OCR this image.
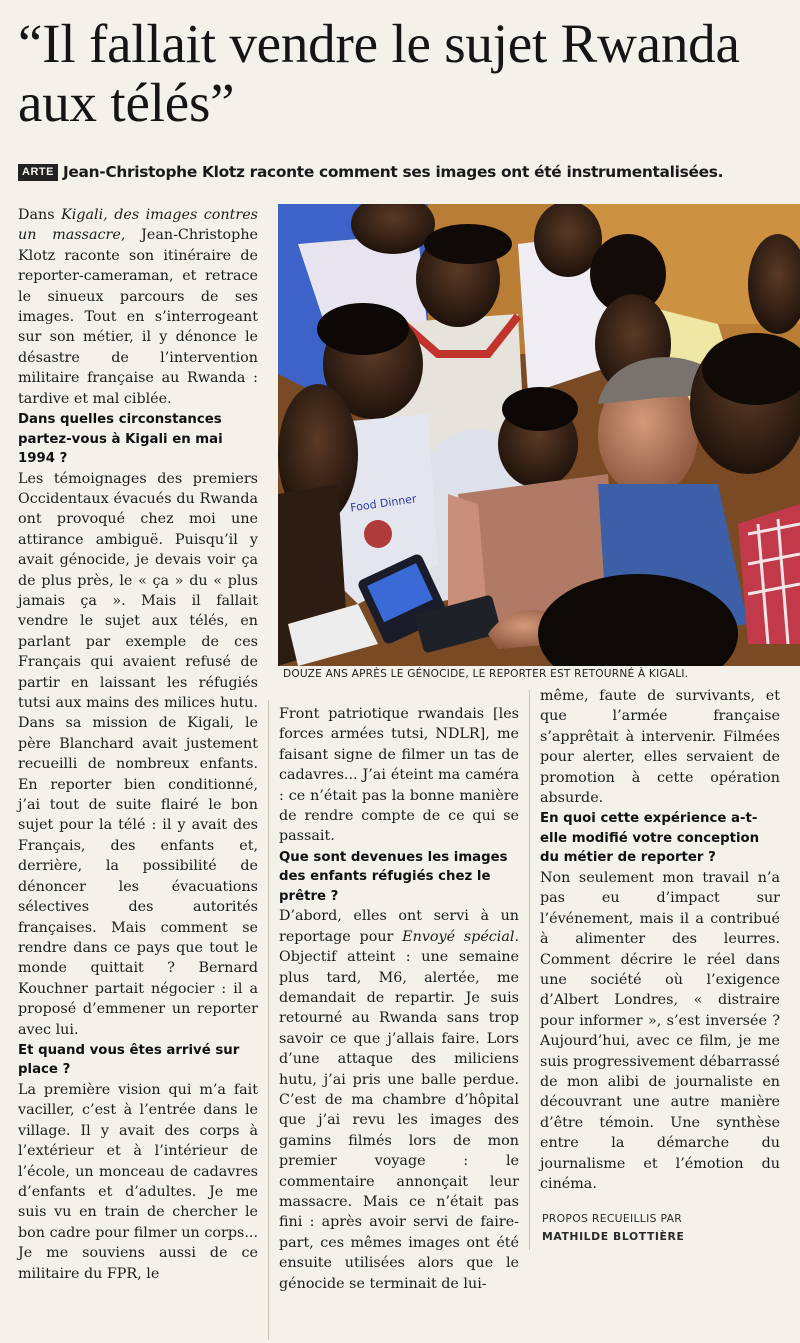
“Il fallait vendre le sujet Rwanda aux télés”
ARTE Jean-Christophe Klotz raconte comment ses images ont été instrumentalisées.
Food Dinner
DOUZE ANS APRÈS LE GÉNOCIDE, LE REPORTER EST RETOURNÉ À KIGALI.

Dans Kigali, des images contres un massacre, Jean-Christophe Klotz raconte son itinéraire de reporter-cameraman, et retrace le sinueux parcours de ses images. Tout en s’interrogeant sur son métier, il y dénonce le désastre de l’intervention militaire française au Rwanda : tardive et mal ciblée.

Dans quelles circonstances partez-vous à Kigali en mai 1994 ?

Les témoignages des premiers Occidentaux évacués du Rwanda ont provoqué chez moi une attirance ambiguë. Puisqu’il y avait génocide, je devais voir ça de plus près, le « ça » du « plus jamais ça ». Mais il fallait vendre le sujet aux télés, en parlant par exemple de ces Français qui avaient refusé de partir en laissant les réfugiés tutsi aux mains des milices hutu. Dans sa mission de Kigali, le père Blanchard avait justement recueilli de nombreux enfants. En reporter bien conditionné, j’ai tout de suite flairé le bon sujet pour la télé : il y avait des Français, des enfants et, derrière, la possibilité de dénoncer les évacuations sélectives des autorités françaises. Mais comment se rendre dans ce pays que tout le monde quittait ? Bernard Kouchner partait négocier : il a proposé d’emmener un reporter avec lui.

Et quand vous êtes arrivé sur place ?

La première vision qui m’a fait vaciller, c’est à l’entrée dans le village. Il y avait des corps à l’extérieur et à l’intérieur de l’école, un monceau de cadavres d’enfants et d’adultes. Je me suis vu en train de chercher le bon cadre pour filmer un corps... Je me souviens aussi de ce militaire du FPR, le

Front patriotique rwandais [les forces armées tutsi, NDLR], me faisant signe de filmer un tas de cadavres... J’ai éteint ma caméra : ce n’était pas la bonne manière de rendre compte de ce qui se passait.

Que sont devenues les images des enfants réfugiés chez le prêtre ?

D’abord, elles ont servi à un reportage pour Envoyé spécial. Objectif atteint : une semaine plus tard, M6, alertée, me demandait de repartir. Je suis retourné au Rwanda sans trop savoir ce que j’allais faire. Lors d’une attaque des miliciens hutu, j’ai pris une balle perdue. C’est de ma chambre d’hôpital que j’ai revu les images des gamins filmés lors de mon premier voyage : le commentaire annonçait leur massacre. Mais ce n’était pas fini : après avoir servi de faire-part, ces mêmes images ont été ensuite utilisées alors que le génocide se terminait de lui-

même, faute de survivants, et que l’armée française s’apprêtait à intervenir. Filmées pour alerter, elles servaient de promotion à cette opération absurde.

En quoi cette expérience a-t-elle modifié votre conception du métier de reporter ?

Non seulement mon travail n’a pas eu d’impact sur l’événement, mais il a contribué à alimenter des leurres. Comment décrire le réel dans une société où l’exigence d’Albert Londres, « distraire pour informer », s’est inversée ? Aujourd’hui, avec ce film, je me suis progressivement débarrassé de mon alibi de journaliste en découvrant une autre manière d’être témoin. Une synthèse entre la démarche du journalisme et l’émotion du cinéma.

PROPOS RECUEILLIS PAR
MATHILDE BLOTTIÈRE
